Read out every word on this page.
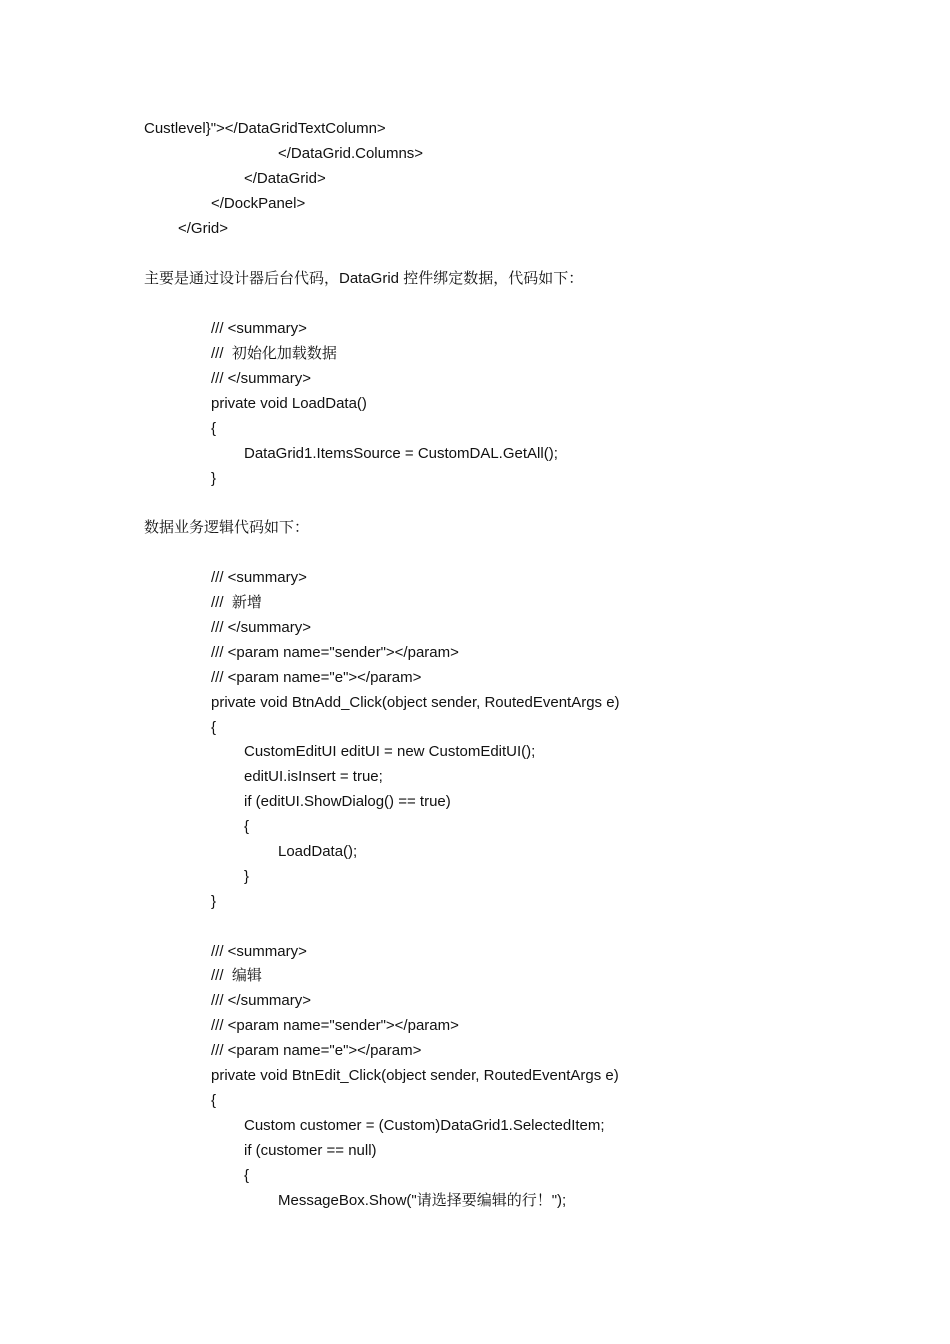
Custlevel}"></DataGridTextColumn>

</DataGrid.Columns>

</DataGrid>

</DockPanel>

</Grid>

主要是通过设计器后台代码，DataGrid 控件绑定数据，代码如下：

/// <summary>

///  初始化加载数据

/// </summary>

private void LoadData()

{

DataGrid1.ItemsSource = CustomDAL.GetAll();

}

数据业务逻辑代码如下：

/// <summary>

///  新增

/// </summary>

/// <param name="sender"></param>

/// <param name="e"></param>

private void BtnAdd_Click(object sender, RoutedEventArgs e)

{

CustomEditUI editUI = new CustomEditUI();

editUI.isInsert = true;

if (editUI.ShowDialog() == true)

{

LoadData();

}

}

/// <summary>

///  编辑

/// </summary>

/// <param name="sender"></param>

/// <param name="e"></param>

private void BtnEdit_Click(object sender, RoutedEventArgs e)

{

Custom customer = (Custom)DataGrid1.SelectedItem;

if (customer == null)

{

MessageBox.Show("请选择要编辑的行！");
